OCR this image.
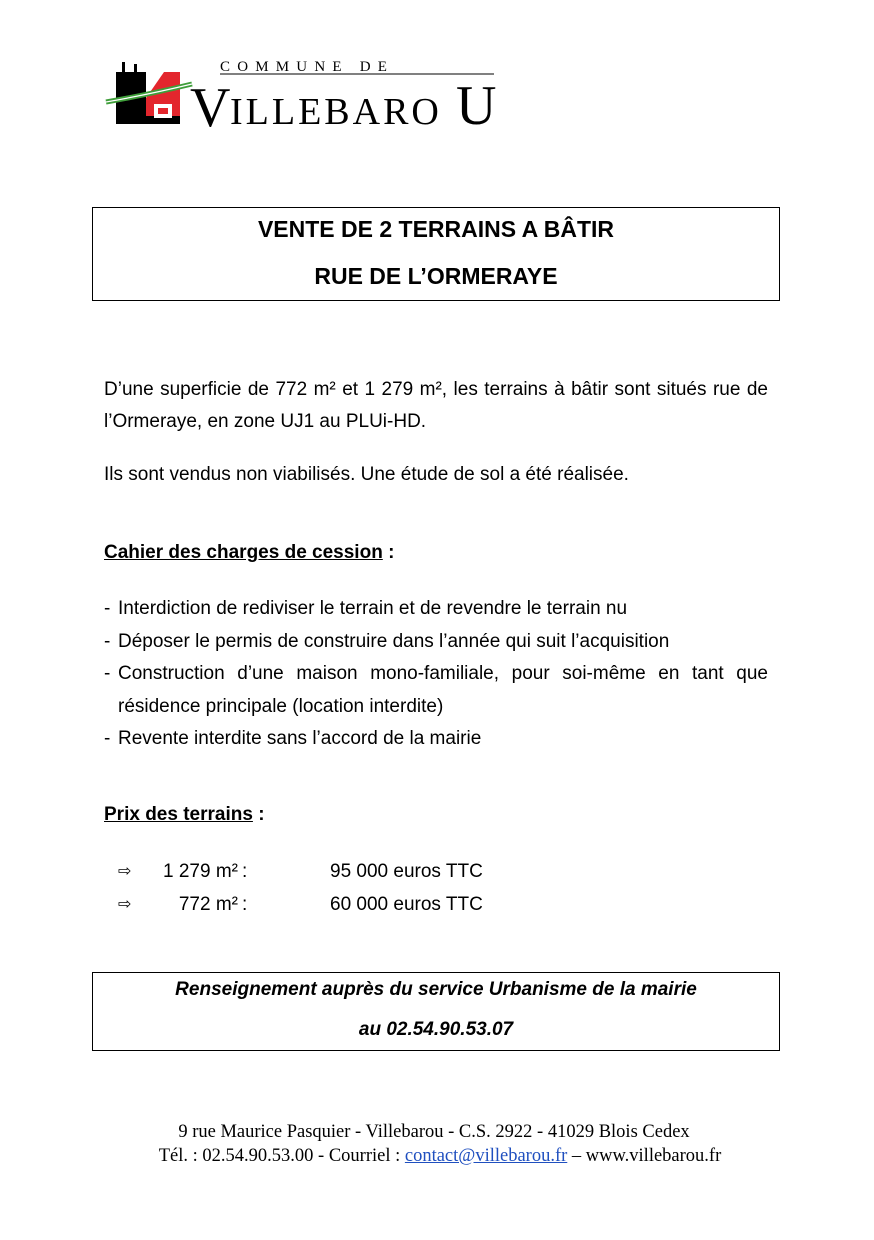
COMMUNE DE
V ILLEBARO U
VENTE DE 2 TERRAINS A BÂTIR
RUE DE L’ORMERAYE
D’une superficie de 772 m² et 1 279 m², les terrains à bâtir sont situés rue de l’Ormeraye, en zone UJ1 au PLUi-HD.
Ils sont vendus non viabilisés. Une étude de sol a été réalisée.
Cahier des charges de cession :
- Interdiction de rediviser le terrain et de revendre le terrain nu
- Déposer le permis de construire dans l’année qui suit l’acquisition
- Construction d’une maison mono-familiale, pour soi-même en tant que résidence principale (location interdite)
- Revente interdite sans l’accord de la mairie
Prix des terrains :
⇨	1 279 m² :	95 000 euros TTC
⇨	772 m² :	60 000 euros TTC
Renseignement auprès du service Urbanisme de la mairie
au 02.54.90.53.07
9 rue Maurice Pasquier - Villebarou - C.S. 2922 - 41029 Blois Cedex
Tél. : 02.54.90.53.00 - Courriel : contact@villebarou.fr – www.villebarou.fr
